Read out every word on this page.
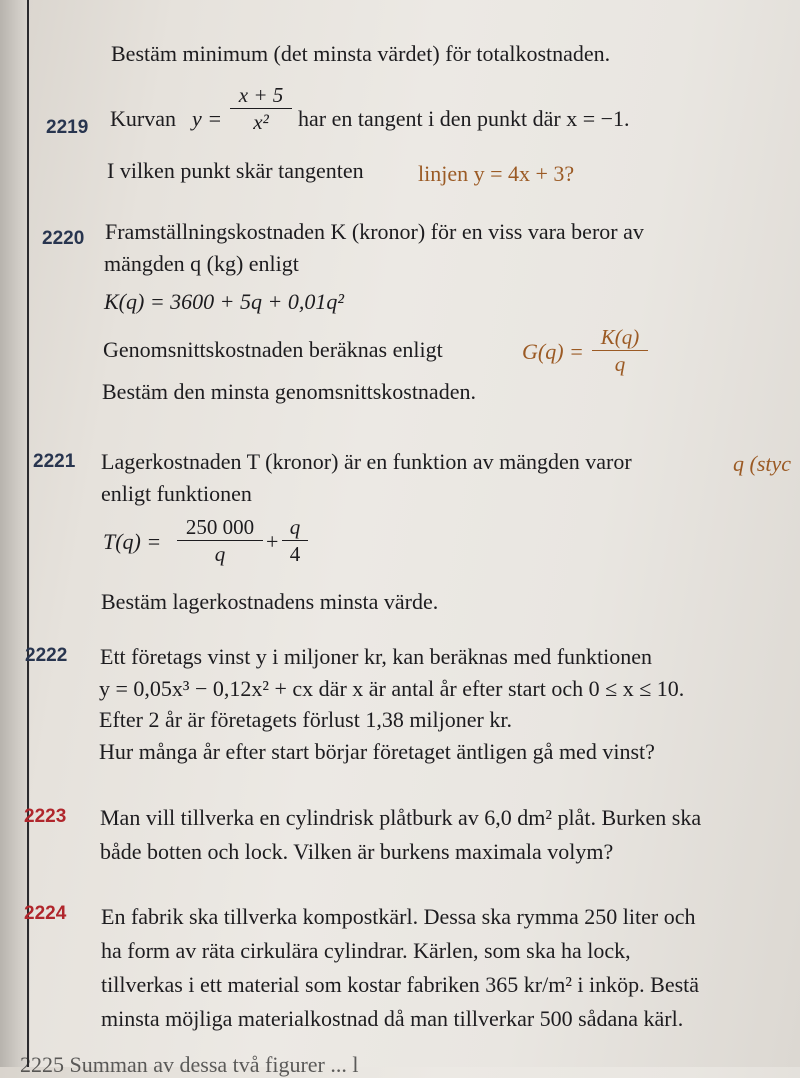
Bestäm minimum (det minsta värdet) för totalkostnaden.
2219 Kurvan $y = \frac{x + 5}{\text{x²}}$ har en tangent i den punkt där x = −1.
I vilken punkt skär tangenten linjen y = 4x + 3?
2220 Framställningskostnaden K (kronor) för en viss vara beror av
mängden q (kg) enligt
K(q) = 3600 + 5q + 0,01q²
Genomsnittskostnaden beräknas enligt	$G(q) = \frac{K(q)}{q}$
Bestäm den minsta genomsnittskostnaden.
2221 Lagerkostnaden T (kronor) är en funktion av mängden varor	q (styc
enligt funktionen
$T(q) = \frac{250 000}{q} + \frac{q}{4}$
Bestäm lagerkostnadens minsta värde.
2222 Ett företags vinst y i miljoner kr, kan beräknas med funktionen
y = 0,05x³ − 0,12x² + cx där x är antal år efter start och 0 ≤ x ≤ 10.
Efter 2 år är företagets förlust 1,38 miljoner kr.
Hur många år efter start börjar företaget äntligen gå med vinst?
2223 Man vill tillverka en cylindrisk plåtburk av 6,0 dm² plåt. Burken ska
både botten och lock. Vilken är burkens maximala volym?
2224 En fabrik ska tillverka kompostkärl. Dessa ska rymma 250 liter och
ha form av räta cirkulära cylindrar. Kärlen, som ska ha lock,
tillverkas i ett material som kostar fabriken 365 kr/m² i inköp. Bestä
minsta möjliga materialkostnad då man tillverkar 500 sådana kärl.
2225 Summan av dessa två figurer ... l
